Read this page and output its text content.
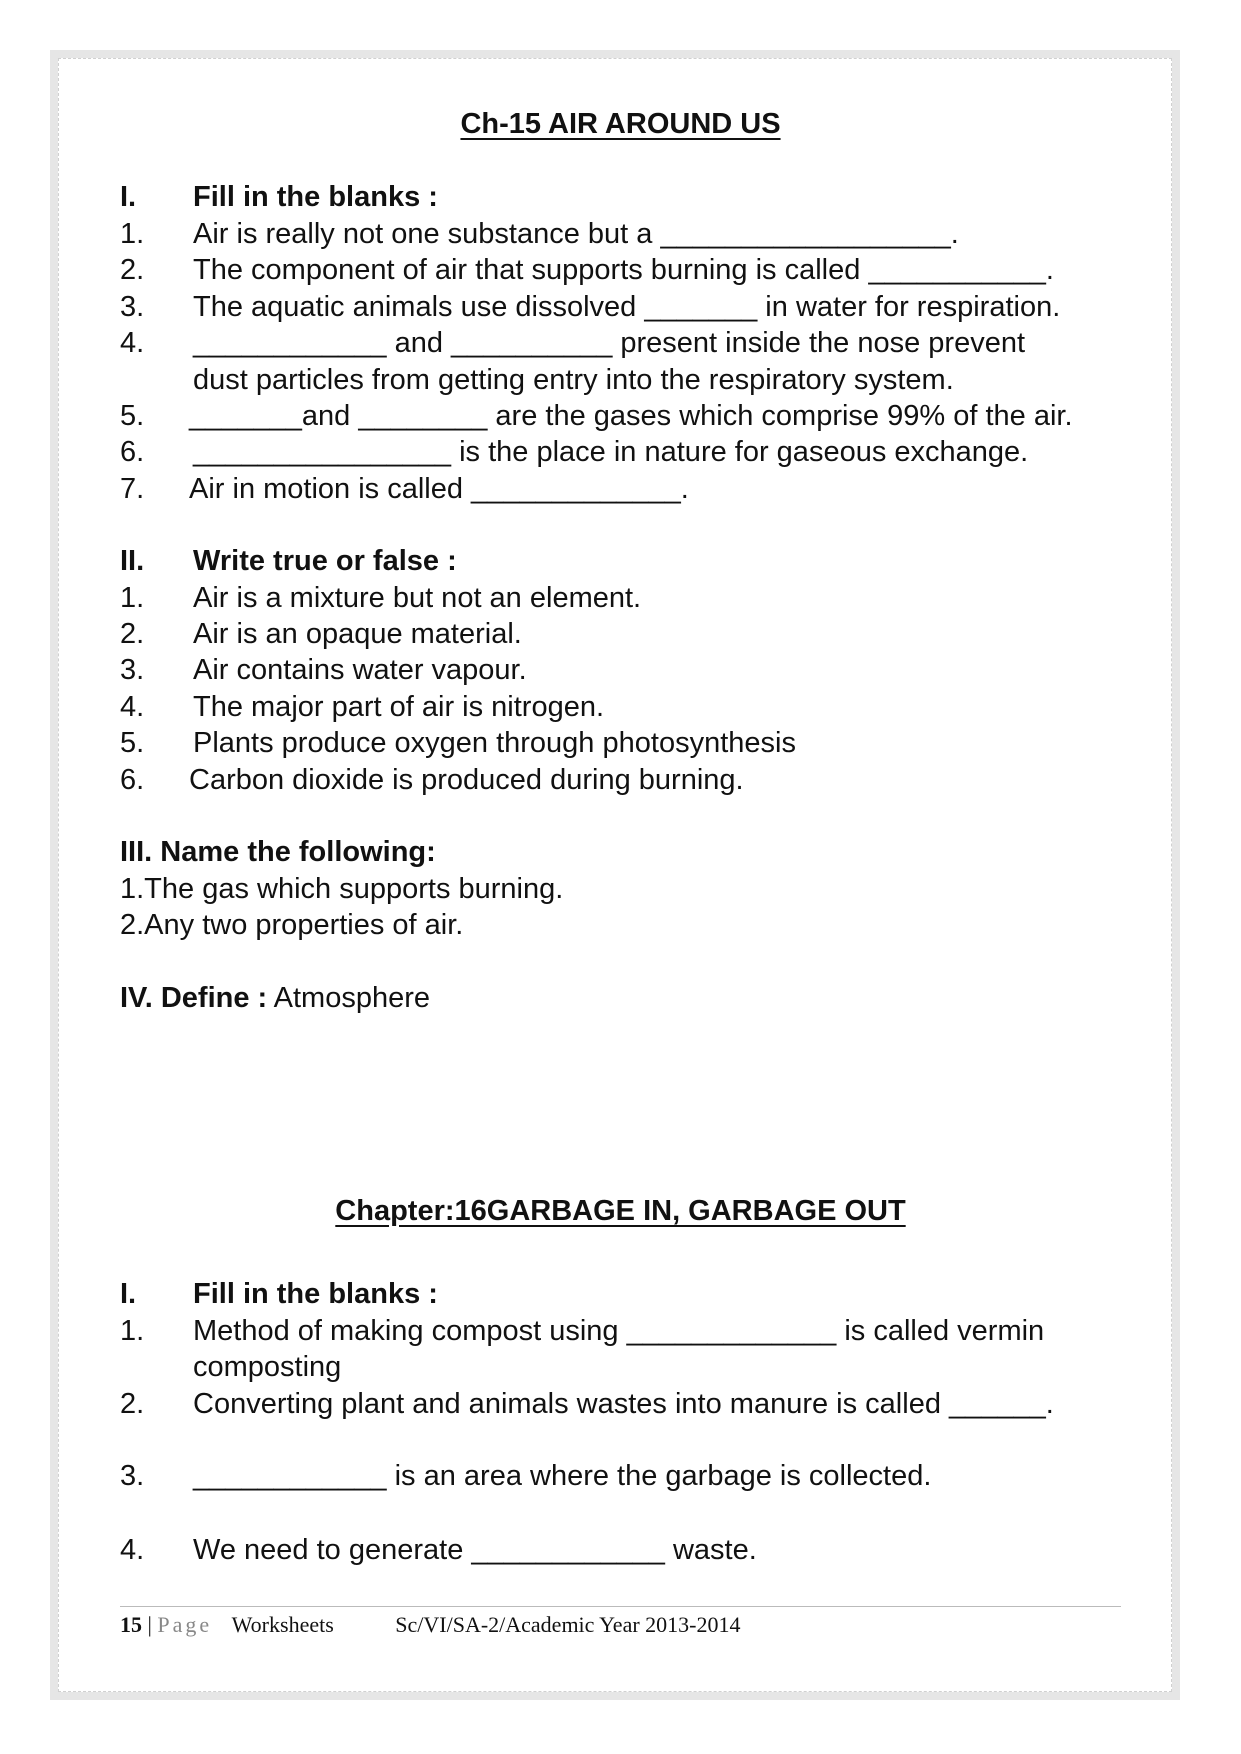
Ch-15 AIR AROUND US
I. Fill in the blanks :
1. Air is really not one substance but a __________________.
2. The component of air that supports burning is called ___________.
3. The aquatic animals use dissolved _______ in water for respiration.
4. ____________ and __________ present inside the nose prevent
dust particles from getting entry into the respiratory system.
5. _______and ________ are the gases which comprise 99% of the air.
6. ________________ is the place in nature for gaseous exchange.
7. Air in motion is called _____________.
II. Write true or false :
1. Air is a mixture but not an element.
2. Air is an opaque material.
3. Air contains water vapour.
4. The major part of air is nitrogen.
5. Plants produce oxygen through photosynthesis
6. Carbon dioxide is produced during burning.
III. Name the following:
1.The gas which supports burning.
2.Any two properties of air.
IV. Define : Atmosphere
Chapter:16GARBAGE IN, GARBAGE OUT
I. Fill in the blanks :
1. Method of making compost using _____________ is called vermin
composting
2. Converting plant and animals wastes into manure is called ______.
3. ____________ is an area where the garbage is collected.
4. We need to generate ____________ waste.
15 | Page Worksheets	Sc/VI/SA-2/Academic Year 2013-2014
